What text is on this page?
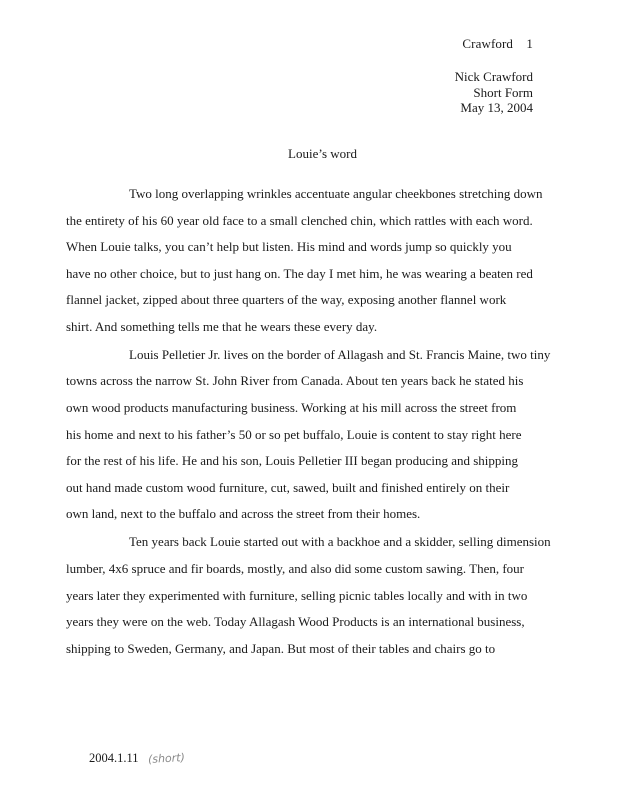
Crawford 1
Nick Crawford
Short Form
May 13, 2004
Louie’s word

Two long overlapping wrinkles accentuate angular cheekbones stretching down
the entirety of his 60 year old face to a small clenched chin, which rattles with each word.
When Louie talks, you can’t help but listen. His mind and words jump so quickly you
have no other choice, but to just hang on. The day I met him, he was wearing a beaten red
flannel jacket, zipped about three quarters of the way, exposing another flannel work
shirt. And something tells me that he wears these every day.

Louis Pelletier Jr. lives on the border of Allagash and St. Francis Maine, two tiny
towns across the narrow St. John River from Canada. About ten years back he stated his
own wood products manufacturing business. Working at his mill across the street from
his home and next to his father’s 50 or so pet buffalo, Louie is content to stay right here
for the rest of his life. He and his son, Louis Pelletier III began producing and shipping
out hand made custom wood furniture, cut, sawed, built and finished entirely on their
own land, next to the buffalo and across the street from their homes.

Ten years back Louie started out with a backhoe and a skidder, selling dimension
lumber, 4x6 spruce and fir boards, mostly, and also did some custom sawing. Then, four
years later they experimented with furniture, selling picnic tables locally and with in two
years they were on the web. Today Allagash Wood Products is an international business,
shipping to Sweden, Germany, and Japan. But most of their tables and chairs go to

2004.1.11 (short)
